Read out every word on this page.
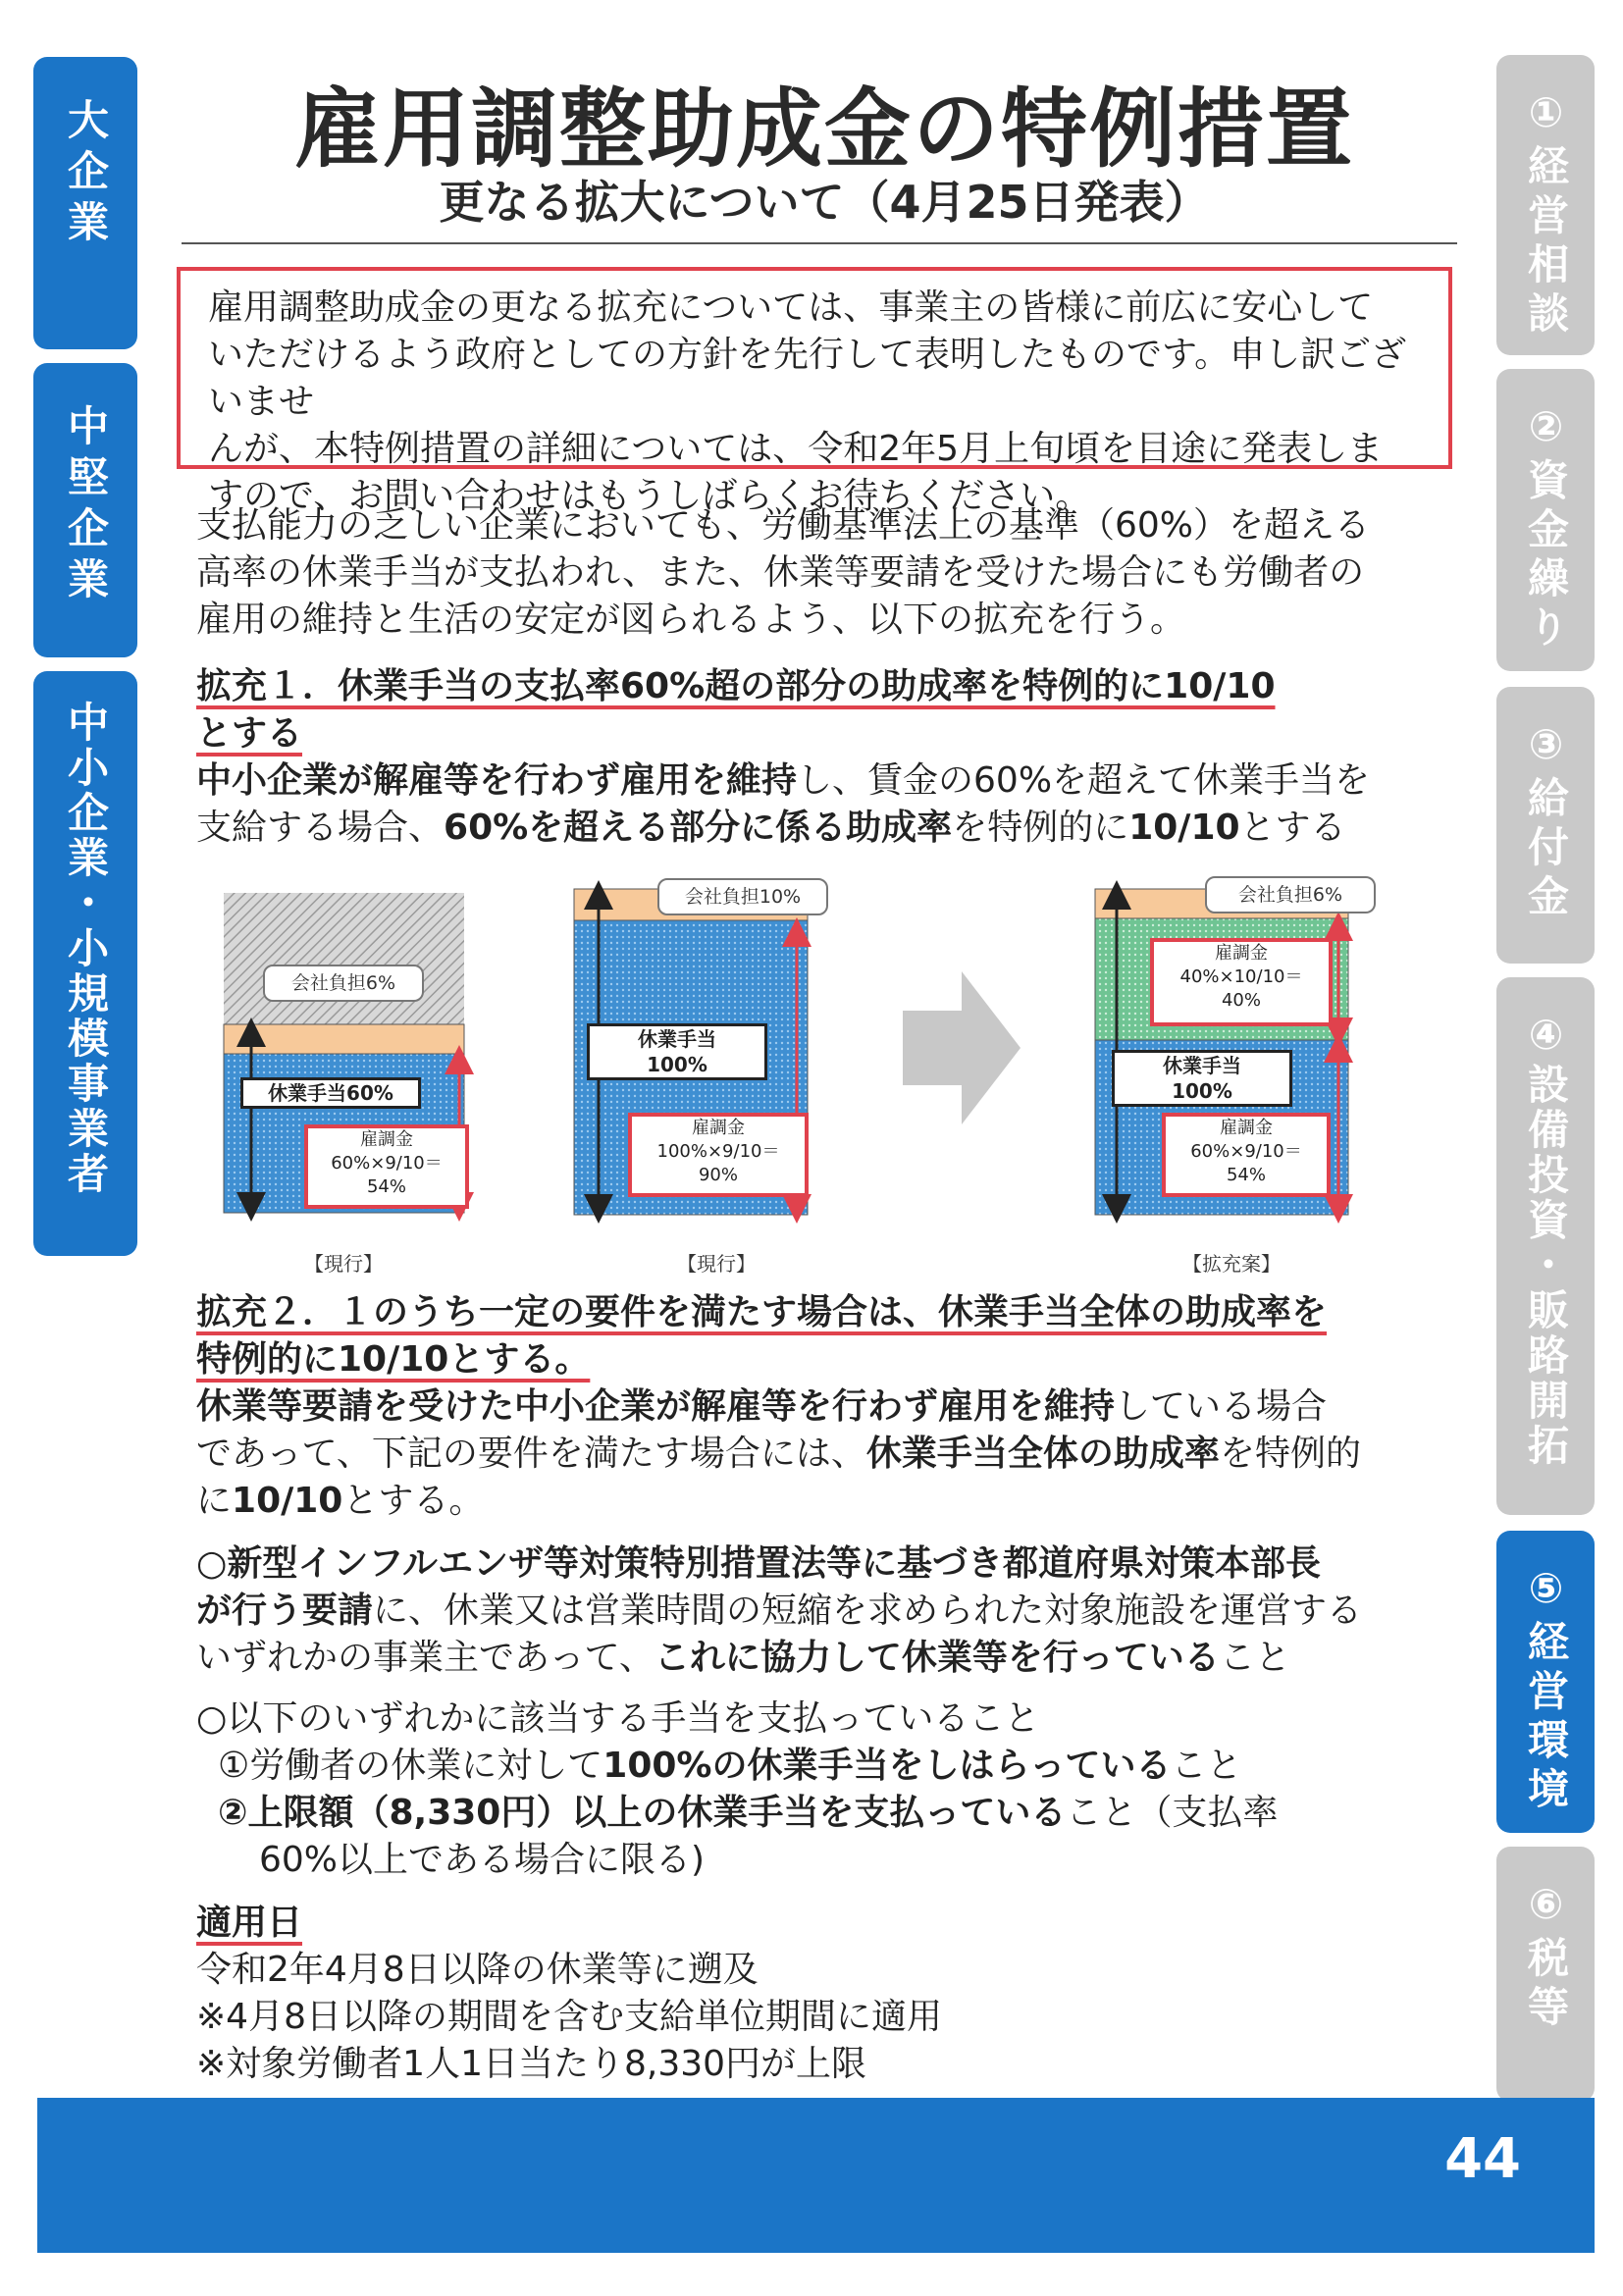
大企業
中堅企業
中小企業・小規模事業者
①経営相談
②資金繰り
③給付金
④設備投資・販路開拓
⑤経営環境
⑥税等
雇用調整助成金の特例措置
更なる拡大について（4月25日発表）
雇用調整助成金の更なる拡充については、事業主の皆様に前広に安心して
いただけるよう政府としての方針を先行して表明したものです。申し訳ございませ
んが、本特例措置の詳細については、令和2年5月上旬頃を目途に発表しま
すので、お問い合わせはもうしばらくお待ちください。
支払能力の乏しい企業においても、労働基準法上の基準（60%）を超える
高率の休業手当が支払われ、また、休業等要請を受けた場合にも労働者の
雇用の維持と生活の安定が図られるよう、以下の拡充を行う。
拡充１．休業手当の支払率60%超の部分の助成率を特例的に10/10
とする
中小企業が解雇等を行わず雇用を維持し、賃金の60%を超えて休業手当を
支給する場合、60%を超える部分に係る助成率を特例的に10/10とする
会社負担6%
休業手当60%
雇調金
60%×9/10＝
54%
【現行】
会社負担10%
休業手当
100%
雇調金
100%×9/10＝
90%
【現行】
会社負担6%
雇調金
40%×10/10＝
40%
休業手当
100%
雇調金
60%×9/10＝
54%
【拡充案】
拡充２．１のうち一定の要件を満たす場合は、休業手当全体の助成率を
特例的に10/10とする。
休業等要請を受けた中小企業が解雇等を行わず雇用を維持している場合
であって、下記の要件を満たす場合には、休業手当全体の助成率を特例的
に10/10とする。
○新型インフルエンザ等対策特別措置法等に基づき都道府県対策本部長
が行う要請に、休業又は営業時間の短縮を求められた対象施設を運営する
いずれかの事業主であって、これに協力して休業等を行っていること
○以下のいずれかに該当する手当を支払っていること
①労働者の休業に対して100%の休業手当をしはらっていること
②上限額（8,330円）以上の休業手当を支払っていること（支払率
60%以上である場合に限る)
適用日
令和2年4月8日以降の休業等に遡及
※4月8日以降の期間を含む支給単位期間に適用
※対象労働者1人1日当たり8,330円が上限
44
